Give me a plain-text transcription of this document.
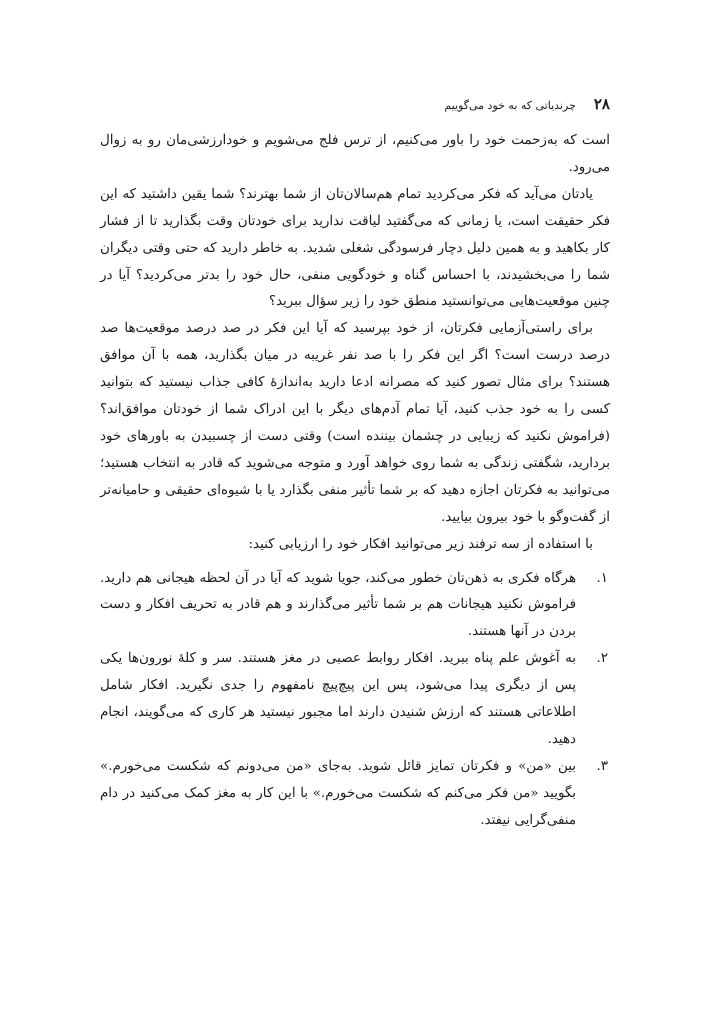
۲۸
چرندیاتی که به خود می‌گوییم

است که به‌زحمت خود را باور می‌کنیم، از ترس فلج می‌شویم و خودارزشی‌مان رو به زوال می‌رود.

یادتان می‌آید که فکر می‌کردید تمام هم‌سالان‌تان از شما بهترند؟ شما یقین داشتید که این فکر حقیقت است، یا زمانی که می‌گفتید لیاقت ندارید برای خودتان وقت بگذارید تا از فشار کار بکاهید و به همین دلیل دچار فرسودگی شغلی شدید. به خاطر دارید که حتی وقتی دیگران شما را می‌بخشیدند، با احساس گناه و خودگویی منفی، حال خود را بدتر می‌کردید؟ آیا در چنین موقعیت‌هایی می‌توانستید منطق خود را زیر سؤال ببرید؟

برای راستی‌آزمایی فکرتان، از خود بپرسید که آیا این فکر در صد درصد موقعیت‌ها صد درصد درست است؟ اگر این فکر را با صد نفر غریبه در میان بگذارید، همه با آن موافق هستند؟ برای مثال تصور کنید که مصرانه ادعا دارید به‌اندازهٔ کافی جذاب نیستید که بتوانید کسی را به خود جذب کنید، آیا تمام آدم‌های دیگر با این ادراک شما از خودتان موافق‌اند؟ (فراموش نکنید که زیبایی در چشمان بیننده است) وقتی دست از چسبیدن به باورهای خود بردارید، شگفتی زندگی به شما روی خواهد آورد و متوجه می‌شوید که قادر به انتخاب هستید؛ می‌توانید به فکرتان اجازه دهید که بر شما تأثیر منفی بگذارد یا با شیوه‌ای حقیقی و حامیانه‌تر از گفت‌وگو با خود بیرون بیایید.

با استفاده از سه ترفند زیر می‌توانید افکار خود را ارزیابی کنید:

۱.
هرگاه فکری به ذهن‌تان خطور می‌کند، جویا شوید که آیا در آن لحظه هیجانی هم دارید. فراموش نکنید هیجانات هم بر شما تأثیر می‌گذارند و هم قادر به تحریف افکار و دست بردن در آنها هستند.
۲.
به آغوش علم پناه ببرید. افکار روابط عصبی در مغز هستند. سر و کلهٔ نورون‌ها یکی پس از دیگری پیدا می‌شود، پس این پیچ‌پیچ نامفهوم را جدی نگیرید. افکار شامل اطلاعاتی هستند که ارزش شنیدن دارند اما مجبور نیستید هر کاری که می‌گویند، انجام دهید.
۳.
بین «من» و فکرتان تمایز قائل شوید. به‌جای «من می‌دونم که شکست می‌خورم.» بگویید «من فکر می‌کنم که شکست می‌خورم.» با این کار به مغز کمک می‌کنید در دام منفی‌گرایی نیفتد.
